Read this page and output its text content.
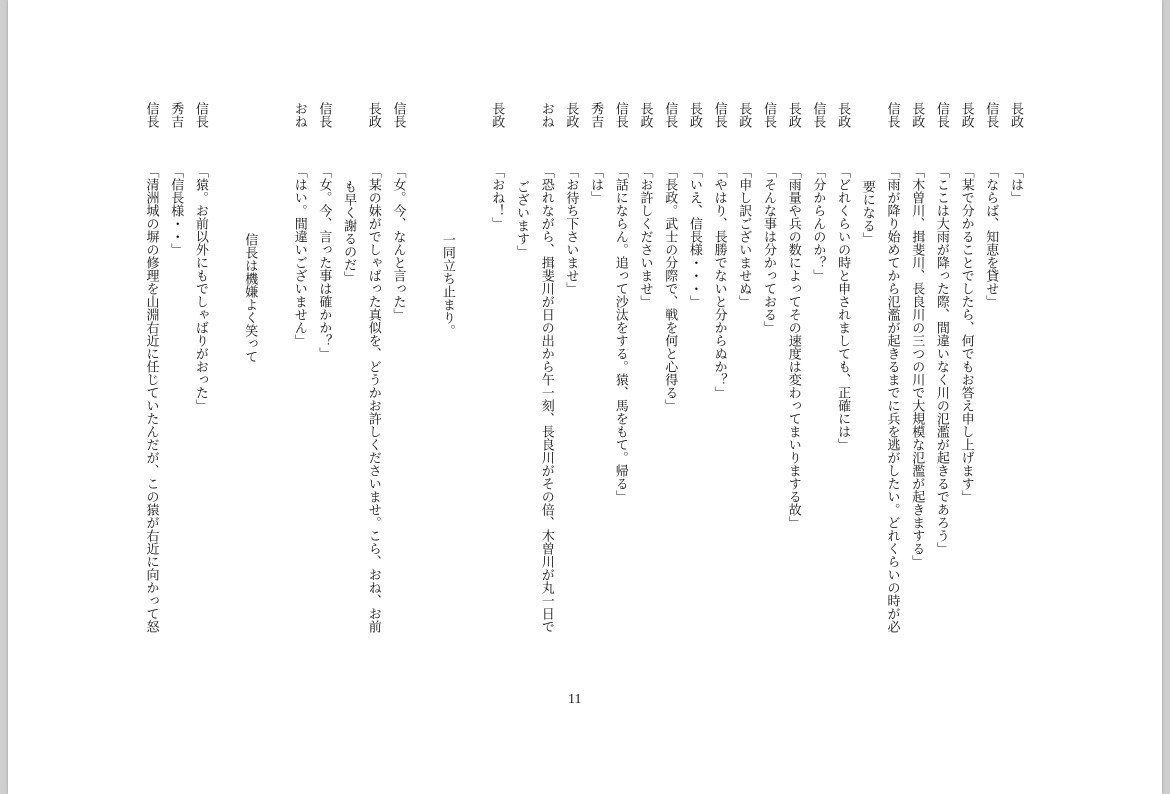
長政
「は」
信長
「ならば、知恵を貸せ」
長政
「某で分かることでしたら、何でもお答え申し上げます」
信長
「ここは大雨が降った際、間違いなく川の氾濫が起きるであろう」
長政
「木曽川、揖斐川、長良川の三つの川で大規模な氾濫が起きまする」
信長
「雨が降り始めてから氾濫が起きるまでに兵を逃がしたい。どれくらいの時が必
要になる」
長政
「どれくらいの時と申されましても、正確には」
信長
「分からんのか？」
長政
「雨量や兵の数によってその速度は変わってまいりまする故」
信長
「そんな事は分かっておる」
長政
「申し訳ございませぬ」
信長
「やはり、長勝でないと分からぬか？」
長政
「いえ、信長様・・・」
信長
「長政。武士の分際で、戦を何と心得る」
長政
「お許しくださいませ」
信長
「話にならん。追って沙汰をする。猿、馬をもて。帰る」
秀吉
「は」
長政
「お待ち下さいませ」
おね
「恐れながら、揖斐川が日の出から午一刻、長良川がその倍、木曽川が丸一日で
ございます」
長政
「おね！」
一同立ち止まり。
信長
「女。今、なんと言った」
長政
「某の妹がでしゃばった真似を、どうかお許しくださいませ。こら、おね、お前
も早く謝るのだ」
信長
「女。今、言った事は確かか？」
おね
「はい。間違いございません」
信長は機嫌よく笑って
信長
「猿。お前以外にもでしゃばりがおった」
秀吉
「信長様・・」
信長
「清洲城の塀の修理を山淵右近に任じていたんだが、この猿が右近に向かって怒
11
